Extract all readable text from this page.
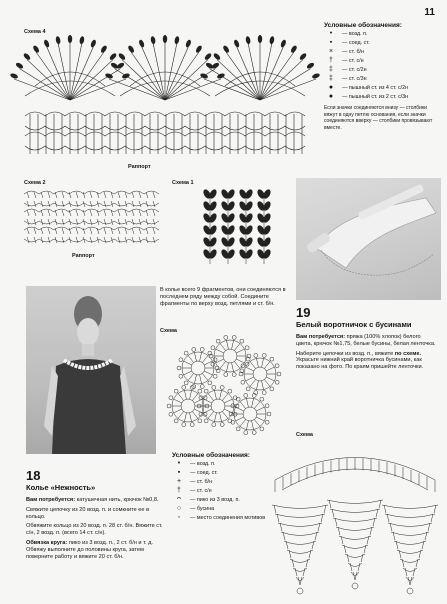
11
Схема 4
Раппорт
Условные обозначения:
•	— возд. п.
▪	— соед. ст.
×	— ст. б/н
†	— ст. с/н
‡	— ст. с/2н
‡	— ст. с/3н
●	— пышный ст. из 4 ст. с/2н
●	— пышный ст. из 2 ст. с/3н
Если значки соединяются внизу — столбики вяжут в одну петлю основания, если значки соединяются вверху — столбики провязывают вместе.
Схема 2
Раппорт
Схема 1
В колье всего 9 фрагментов, они соединяются в последнем ряду между собой. Соедините фрагменты по верху возд. петлями и ст. б/н.
Схема
Условные обозначения:
•	— возд. п.
▪	— соед. ст.
+	— ст. б/н
†	— ст. с/н
ᴖ	— пико из 3 возд. п.
○	— бусина
◦	— место соединения мотивов
18
Колье «Нежность»

Вам потребуется: катушечная нить, крючок №0,8.

Свяжите цепочку из 20 возд. п. и сомкните ее в кольцо.

Обвяжите кольцо из 20 возд. п. 28 ст. б/н. Вяжите ст. с/н, 2 возд. п. (всего 14 ст. с/н).

Обвязка круга: пико из 3 возд. п., 2 ст. б/н и т. д. Обвяжу выполните до половины круга, затем поверните работу и вяжите 20 ст. б/н.

19
Белый воротничок с бусинами

Вам потребуется: пряжа (100% хлопок) белого цвета, крючок №1,75, белые бусины, белая ленточка.

Наберите цепочки из возд. п., вяжите по схеме. Украсьте нижний край воротничка бусинами, как показано на фото. По краям пришейте ленточки.

Схема
